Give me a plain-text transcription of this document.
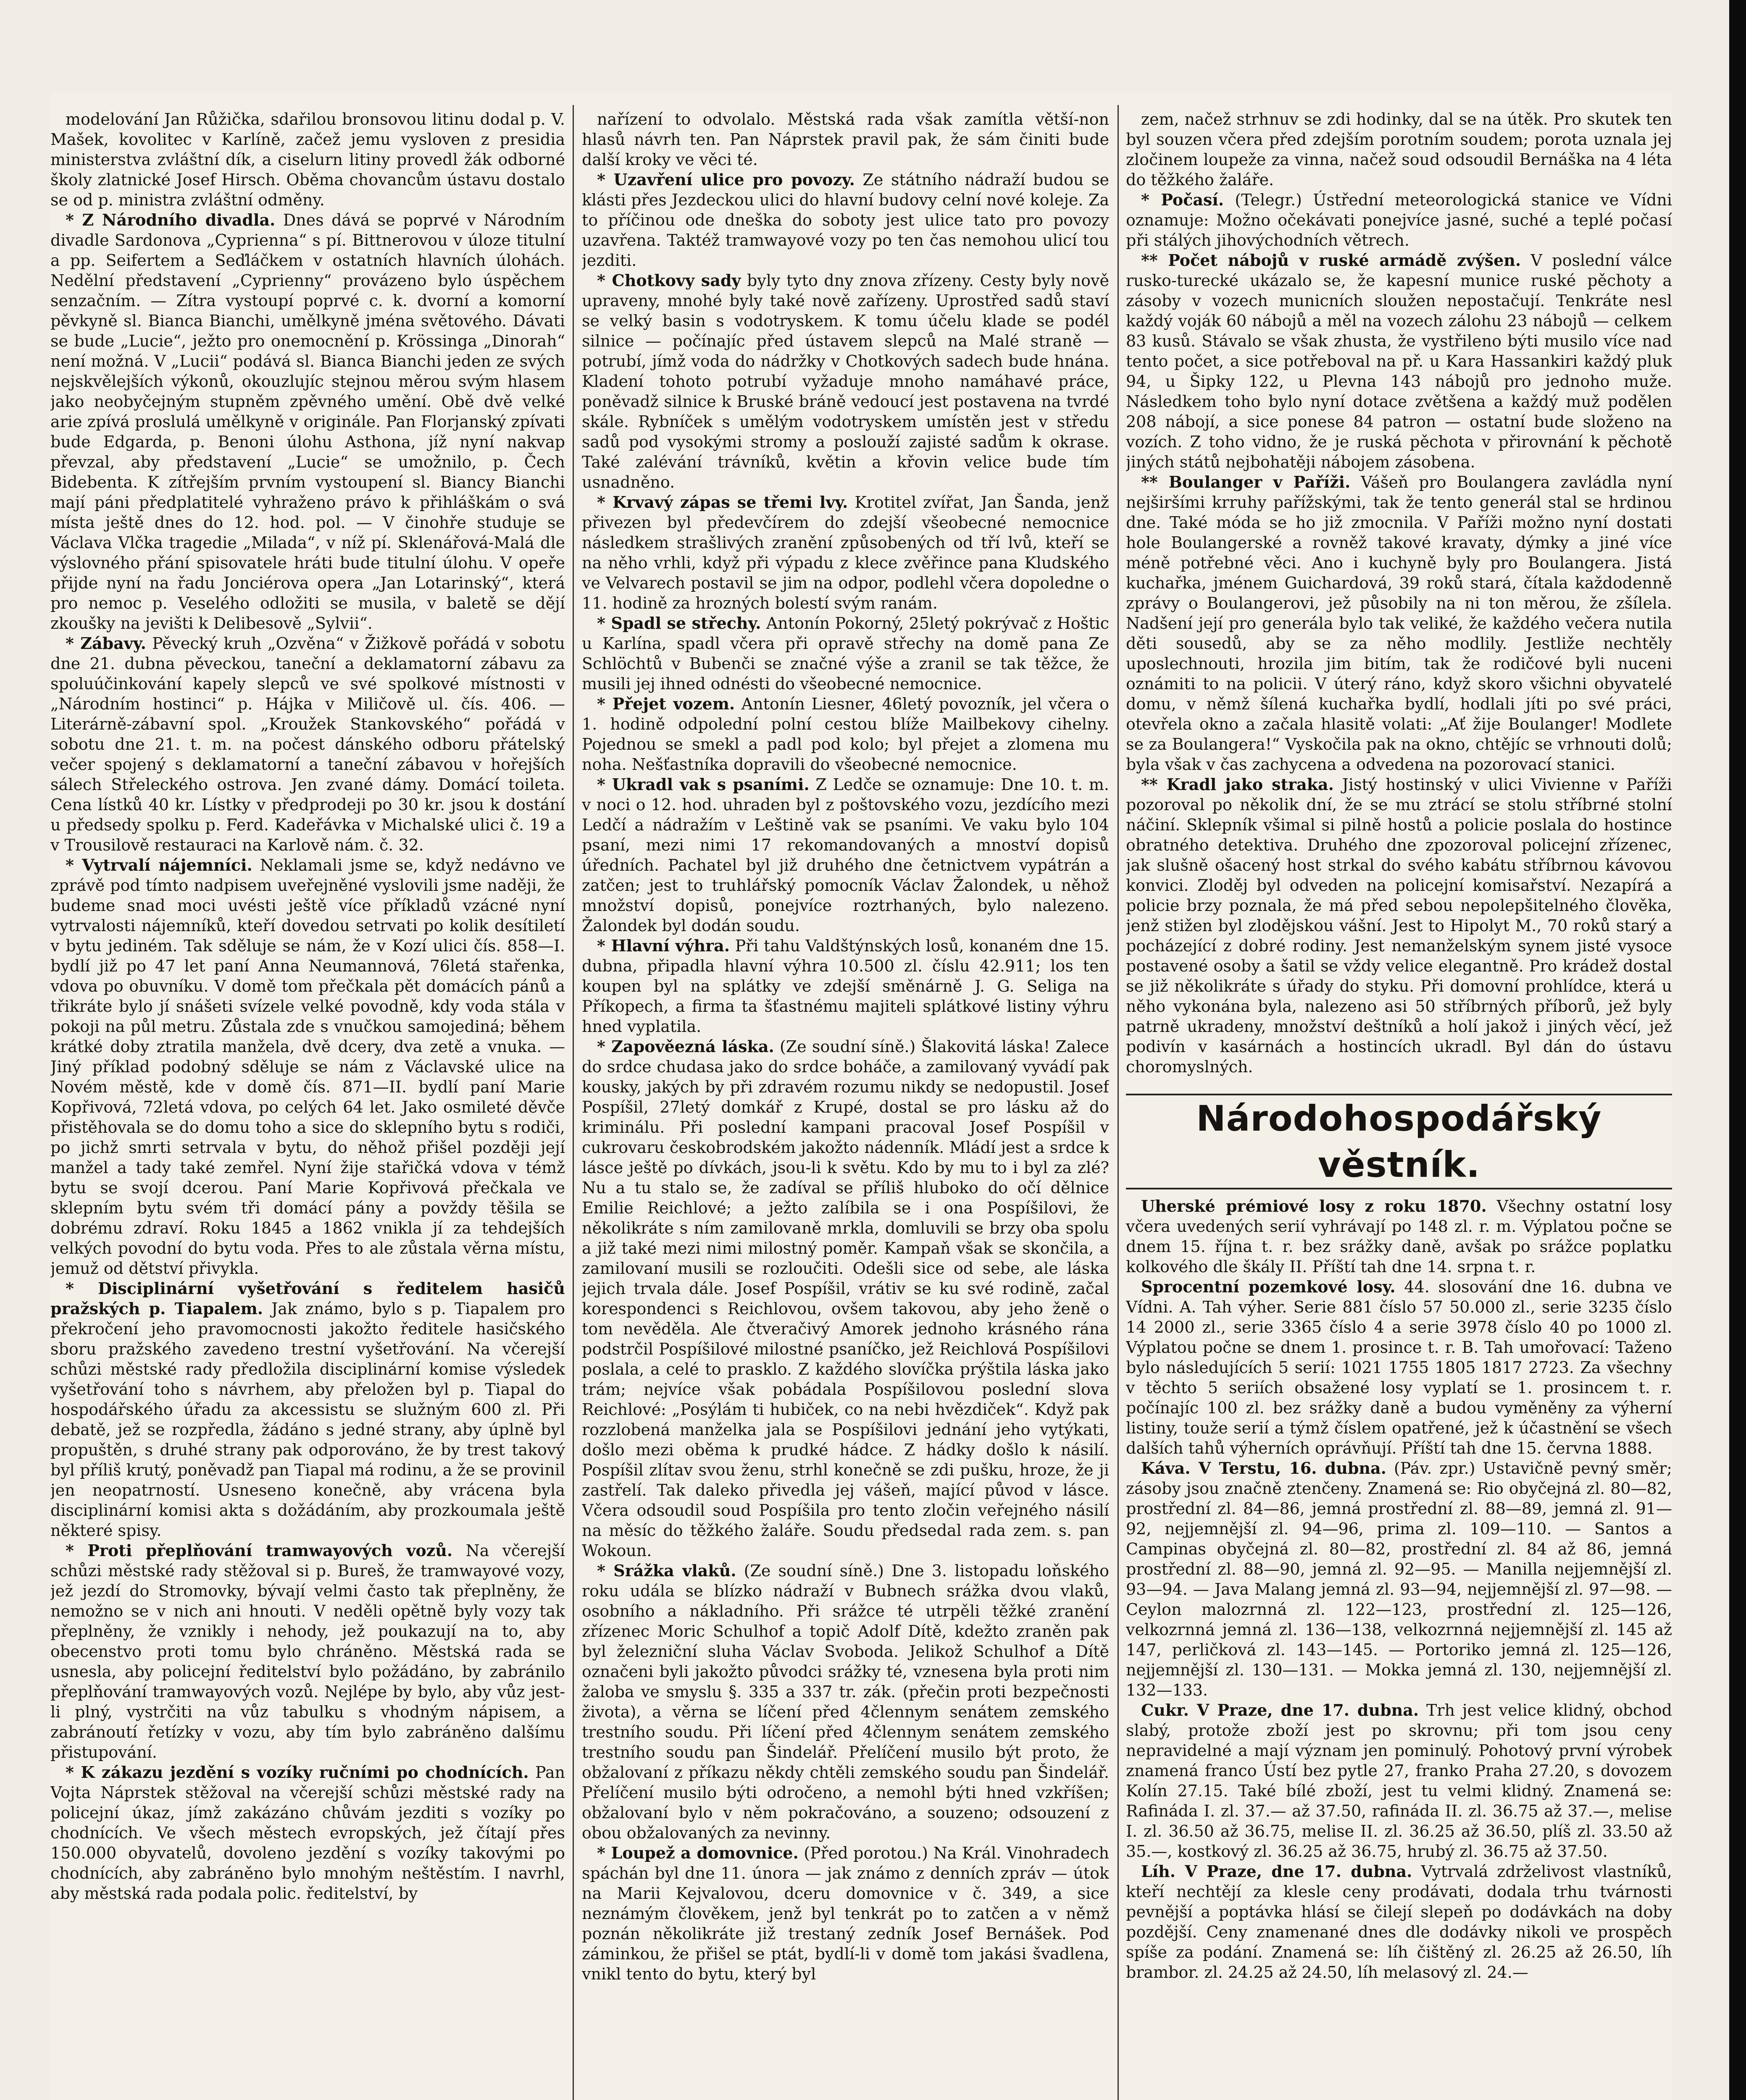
modelování Jan Růžička, sdařilou bronsovou litinu dodal p. V. Mašek, kovolitec v Karlíně, začež jemu vysloven z presidia ministerstva zvláštní dík, a ciselurn litiny provedl žák odborné školy zlatnické Josef Hirsch. Oběma chovancům ústavu dostalo se od p. ministra zvláštní odměny.

* Z Národního divadla. Dnes dává se poprvé v Národním divadle Sardonova „Cyprienna“ s pí. Bittnerovou v úloze titulní a pp. Seifertem a Seďláčkem v ostatních hlavních úlohách. Nedělní představení „Cyprienny“ provázeno bylo úspěchem senzačním. — Zítra vystoupí poprvé c. k. dvorní a komorní pěvkyně sl. Bianca Bianchi, umělkyně jména světového. Dávati se bude „Lucie“, ježto pro onemocnění p. Krössinga „Dinorah“ není možná. V „Lucii“ podává sl. Bianca Bianchi jeden ze svých nejskvělejších výkonů, okouzlujíc stejnou měrou svým hlasem jako neobyčejným stupněm zpěvného umění. Obě dvě velké arie zpívá proslulá umělkyně v originále. Pan Florjanský zpívati bude Edgarda, p. Benoni úlohu Asthona, jíž nyní nakvap převzal, aby představení „Lucie“ se umožnilo, p. Čech Bidebenta. K zítřejším prvním vystoupení sl. Biancy Bianchi mají páni předplatitelé vyhraženo právo k přihláškám o svá místa ještě dnes do 12. hod. pol. — V činohře studuje se Václava Vlčka tragedie „Milada“, v níž pí. Sklenářová-Malá dle výslovného přání spisovatele hráti bude titulní úlohu. V opeře přijde nyní na řadu Jonciérova opera „Jan Lotarinský“, která pro nemoc p. Veselého odložiti se musila, v baletě se dějí zkoušky na jevišti k Delibesově „Sylvii“.

* Zábavy. Pěvecký kruh „Ozvěna“ v Žižkově pořádá v sobotu dne 21. dubna pěveckou, taneční a deklamatorní zábavu za spoluúčinkování kapely slepců ve své spolkové místnosti v „Národním hostinci“ p. Hájka v Miličově ul. čís. 406. — Literárně-zábavní spol. „Kroužek Stankovského“ pořádá v sobotu dne 21. t. m. na počest dánského odboru přátelský večer spojený s deklamatorní a taneční zábavou v hořejších sálech Střeleckého ostrova. Jen zvané dámy. Domácí toileta. Cena lístků 40 kr. Lístky v předprodeji po 30 kr. jsou k dostání u předsedy spolku p. Ferd. Kadeřávka v Michalské ulici č. 19 a v Trousilově restauraci na Karlově nám. č. 32.

* Vytrvalí nájemníci. Neklamali jsme se, když nedávno ve zprávě pod tímto nadpisem uveřejněné vyslovili jsme naději, že budeme snad moci uvésti ještě více příkladů vzácné nyní vytrvalosti nájemníků, kteří dovedou setrvati po kolik desítiletí v bytu jediném. Tak sděluje se nám, že v Kozí ulici čís. 858—I. bydlí již po 47 let paní Anna Neumannová, 76letá stařenka, vdova po obuvníku. V domě tom přečkala pět domácích pánů a třikráte bylo jí snášeti svízele velké povodně, kdy voda stála v pokoji na půl metru. Zůstala zde s vnučkou samojediná; během krátké doby ztratila manžela, dvě dcery, dva zetě a vnuka. — Jiný příklad podobný sděluje se nám z Václavské ulice na Novém městě, kde v domě čís. 871—II. bydlí paní Marie Kopřivová, 72letá vdova, po celých 64 let. Jako osmileté děvče přistěhovala se do domu toho a sice do sklepního bytu s rodiči, po jichž smrti setrvala v bytu, do něhož přišel později její manžel a tady také zemřel. Nyní žije stařičká vdova v témž bytu se svojí dcerou. Paní Marie Kopřivová přečkala ve sklepním bytu svém tři domácí pány a povždy těšila se dobrému zdraví. Roku 1845 a 1862 vnikla jí za tehdejších velkých povodní do bytu voda. Přes to ale zůstala věrna místu, jemuž od dětství přivykla.

* Disciplinární vyšetřování s ředitelem hasičů pražských p. Tiapalem. Jak známo, bylo s p. Tiapalem pro překročení jeho pravomocnosti jakožto ředitele hasičského sboru pražského zavedeno trestní vyšetřování. Na včerejší schůzi městské rady předložila disciplinární komise výsledek vyšetřování toho s návrhem, aby přeložen byl p. Tiapal do hospodářského úřadu za akcessistu se služným 600 zl. Při debatě, jež se rozpředla, žádáno s jedné strany, aby úplně byl propuštěn, s druhé strany pak odporováno, že by trest takový byl příliš krutý, poněvadž pan Tiapal má rodinu, a že se provinil jen neopatrností. Usneseno konečně, aby vrácena byla disciplinární komisi akta s dožádáním, aby prozkoumala ještě některé spisy.

* Proti přeplňování tramwayových vozů. Na včerejší schůzi městské rady stěžoval si p. Bureš, že tramwayové vozy, jež jezdí do Stromovky, bývají velmi často tak přeplněny, že nemožno se v nich ani hnouti. V neděli opětně byly vozy tak přeplněny, že vznikly i nehody, jež poukazují na to, aby obecenstvo proti tomu bylo chráněno. Městská rada se usnesla, aby policejní ředitelství bylo požádáno, by zabránilo přeplňování tramwayových vozů. Nejlépe by bylo, aby vůz jest-li plný, vystrčiti na vůz tabulku s vhodným nápisem, a zabránoutí řetízky v vozu, aby tím bylo zabráněno dalšímu přistupování.

* K zákazu jezdění s vozíky ručními po chodnících. Pan Vojta Náprstek stěžoval na včerejší schůzi městské rady na policejní úkaz, jímž zakázáno chůvám jezditi s vozíky po chodnících. Ve všech městech evropských, jež čítají přes 150.000 obyvatelů, dovoleno jezdění s vozíky takovými po chodnících, aby zabráněno bylo mnohým neštěstím. I navrhl, aby městská rada podala polic. ředitelství, by

nařízení to odvolalo. Městská rada však zamítla větší-non hlasů návrh ten. Pan Náprstek pravil pak, že sám činiti bude další kroky ve věci té.

* Uzavření ulice pro povozy. Ze státního nádraží budou se klásti přes Jezdeckou ulici do hlavní budovy celní nové koleje. Za to příčinou ode dneška do soboty jest ulice tato pro povozy uzavřena. Taktéž tramwayové vozy po ten čas nemohou ulicí tou jezditi.

* Chotkovy sady byly tyto dny znova zřízeny. Cesty byly nově upraveny, mnohé byly také nově zařízeny. Uprostřed sadů staví se velký basin s vodotryskem. K tomu účelu klade se podél silnice — počínajíc před ústavem slepců na Malé straně — potrubí, jímž voda do nádržky v Chotkových sadech bude hnána. Kladení tohoto potrubí vyžaduje mnoho namáhavé práce, poněvadž silnice k Bruské bráně vedoucí jest postavena na tvrdé skále. Rybníček s umělým vodotryskem umístěn jest v středu sadů pod vysokými stromy a poslouží zajisté sadům k okrase. Také zalévání trávníků, květin a křovin velice bude tím usnadněno.

* Krvavý zápas se třemi lvy. Krotitel zvířat, Jan Šanda, jenž přivezen byl předevčírem do zdejší všeobecné nemocnice následkem strašlivých zranění způsobených od tří lvů, kteří se na něho vrhli, když při výpadu z klece zvěřince pana Kludského ve Velvarech postavil se jim na odpor, podlehl včera dopoledne o 11. hodině za hrozných bolestí svým ranám.

* Spadl se střechy. Antonín Pokorný, 25letý pokrývač z Hoštic u Karlína, spadl včera při opravě střechy na domě pana Ze Schlöchtů v Bubenči se značné výše a zranil se tak těžce, že musili jej ihned odnésti do všeobecné nemocnice.

* Přejet vozem. Antonín Liesner, 46letý povozník, jel včera o 1. hodině odpolední polní cestou blíže Mailbekovy cihelny. Pojednou se smekl a padl pod kolo; byl přejet a zlomena mu noha. Nešťastníka dopravili do všeobecné nemocnice.

* Ukradl vak s psaními. Z Ledče se oznamuje: Dne 10. t. m. v noci o 12. hod. uhraden byl z poštovského vozu, jezdícího mezi Ledčí a nádražím v Leštině vak se psaními. Ve vaku bylo 104 psaní, mezi nimi 17 rekomandovaných a mnoství dopisů úředních. Pachatel byl již druhého dne četnictvem vypátrán a zatčen; jest to truhlářský pomocník Václav Žalondek, u něhož množství dopisů, ponejvíce roztrhaných, bylo nalezeno. Žalondek byl dodán soudu.

* Hlavní výhra. Při tahu Valdštýnských losů, konaném dne 15. dubna, připadla hlavní výhra 10.500 zl. číslu 42.911; los ten koupen byl na splátky ve zdejší směnárně J. G. Seliga na Příkopech, a firma ta šťastnému majiteli splátkové listiny výhru hned vyplatila.

* Zapověezná láska. (Ze soudní síně.) Šlakovitá láska! Zalece do srdce chudasa jako do srdce boháče, a zamilovaný vyvádí pak kousky, jakých by při zdravém rozumu nikdy se nedopustil. Josef Pospíšil, 27letý domkář z Krupé, dostal se pro lásku až do kriminálu. Při poslední kampani pracoval Josef Pospíšil v cukrovaru českobrodském jakožto nádenník. Mládí jest a srdce k lásce ještě po dívkách, jsou-li k světu. Kdo by mu to i byl za zlé? Nu a tu stalo se, že zadíval se příliš hluboko do očí dělnice Emilie Reichlové; a ježto zalíbila se i ona Pospíšilovi, že několikráte s ním zamilovaně mrkla, domluvili se brzy oba spolu a již také mezi nimi milostný poměr. Kampaň však se skončila, a zamilovaní musili se rozloučiti. Odešli sice od sebe, ale láska jejich trvala dále. Josef Pospíšil, vrátiv se ku své rodině, začal korespondenci s Reichlovou, ovšem takovou, aby jeho ženě o tom nevěděla. Ale čtveračivý Amorek jednoho krásného rána podstrčil Pospíšilové milostné psaníčko, jež Reichlová Pospíšilovi poslala, a celé to prasklo. Z každého slovíčka prýštila láska jako trám; nejvíce však pobádala Pospíšilovou poslední slova Reichlové: „Posýlám ti hubiček, co na nebi hvězdiček“. Když pak rozzlobená manželka jala se Pospíšilovi jednání jeho vytýkati, došlo mezi oběma k prudké hádce. Z hádky došlo k násilí. Pospíšil zlítav svou ženu, strhl konečně se zdi pušku, hroze, že ji zastřelí. Tak daleko přivedla jej vášeň, mající původ v lásce. Včera odsoudil soud Pospíšila pro tento zločin veřejného násilí na měsíc do těžkého žaláře. Soudu předsedal rada zem. s. pan Wokoun.

* Srážka vlaků. (Ze soudní síně.) Dne 3. listopadu loňského roku udála se blízko nádraží v Bubnech srážka dvou vlaků, osobního a nákladního. Při srážce té utrpěli těžké zranění zřízenec Moric Schulhof a topič Adolf Dítě, kdežto zraněn pak byl železniční sluha Václav Svoboda. Jelikož Schulhof a Dítě označeni byli jakožto původci srážky té, vznesena byla proti nim žaloba ve smyslu §. 335 a 337 tr. zák. (přečin proti bezpečnosti života), a věrna se líčení před 4člennym senátem zemského trestního soudu. Při líčení před 4člennym senátem zemského trestního soudu pan Šindelář. Přelíčení musilo být proto, že obžalovaní z příkazu někdy chtěli zemského soudu pan Šindelář. Přelíčení musilo býti odročeno, a nemohl býti hned vzkříšen; obžalovaní bylo v něm pokračováno, a souzeno; odsouzení z obou obžalovaných za nevinny.

* Loupež a domovnice. (Před porotou.) Na Král. Vinohradech spáchán byl dne 11. února — jak známo z denních zpráv — útok na Marii Kejvalovou, dceru domovnice v č. 349, a sice neznámým člověkem, jenž byl tenkrát po to zatčen a v němž poznán několikráte již trestaný zedník Josef Bernášek. Pod záminkou, že přišel se ptát, bydlí-li v domě tom jakási švadlena, vnikl tento do bytu, který byl

zem, načež strhnuv se zdi hodinky, dal se na útěk. Pro skutek ten byl souzen včera před zdejším porotním soudem; porota uznala jej zločinem loupeže za vinna, načež soud odsoudil Bernáška na 4 léta do těžkého žaláře.

* Počasí. (Telegr.) Ústřední meteorologická stanice ve Vídni oznamuje: Možno očekávati ponejvíce jasné, suché a teplé počasí při stálých jihovýchodních větrech.

** Počet nábojů v ruské armádě zvýšen. V poslední válce rusko-turecké ukázalo se, že kapesní munice ruské pěchoty a zásoby v vozech municních sloužen nepostačují. Tenkráte nesl každý voják 60 nábojů a měl na vozech zálohu 23 nábojů — celkem 83 kusů. Stávalo se však zhusta, že vystřileno býti musilo více nad tento počet, a sice potřeboval na př. u Kara Hassankiri každý pluk 94, u Šipky 122, u Plevna 143 nábojů pro jednoho muže. Následkem toho bylo nyní dotace zvětšena a každý muž podělen 208 nábojí, a sice ponese 84 patron — ostatní bude složeno na vozích. Z toho vidno, že je ruská pěchota v přirovnání k pěchotě jiných států nejbohatěji nábojem zásobena.

** Boulanger v Paříži. Vášeň pro Boulangera zavládla nyní nejširšími krruhy pařížskými, tak že tento generál stal se hrdinou dne. Také móda se ho již zmocnila. V Paříži možno nyní dostati hole Boulangerské a rovněž takové kravaty, dýmky a jiné více méně potřebné věci. Ano i kuchyně byly pro Boulangera. Jistá kuchařka, jménem Guichardová, 39 roků stará, čítala každodenně zprávy o Boulangerovi, jež působily na ni ton měrou, že zšílela. Nadšení její pro generála bylo tak veliké, že každého večera nutila děti sousedů, aby se za něho modlily. Jestliže nechtěly uposlechnouti, hrozila jim bitím, tak že rodičové byli nuceni oznámiti to na policii. V úterý ráno, když skoro všichni obyvatelé domu, v němž šílená kuchařka bydlí, hodlali jíti po své práci, otevřela okno a začala hlasitě volati: „Ať žije Boulanger! Modlete se za Boulangera!“ Vyskočila pak na okno, chtějíc se vrhnouti dolů; byla však v čas zachycena a odvedena na pozorovací stanici.

** Kradl jako straka. Jistý hostinský v ulici Vivienne v Paříži pozoroval po několik dní, že se mu ztrácí se stolu stříbrné stolní náčiní. Sklepník všimal si pilně hostů a policie poslala do hostince obratného detektiva. Druhého dne zpozoroval policejní zřízenec, jak slušně ošacený host strkal do svého kabátu stříbrnou kávovou konvici. Zloděj byl odveden na policejní komisařství. Nezapírá a policie brzy poznala, že má před sebou nepolepšitelného člověka, jenž stižen byl zlodějskou vášní. Jest to Hipolyt M., 70 roků starý a pocházející z dobré rodiny. Jest nemanželským synem jisté vysoce postavené osoby a šatil se vždy velice elegantně. Pro krádež dostal se již několikráte s úřady do styku. Při domovní prohlídce, která u něho vykonána byla, nalezeno asi 50 stříbrných příborů, jež byly patrně ukradeny, množství deštníků a holí jakož i jiných věcí, jež podivín v kasárnách a hostincích ukradl. Byl dán do ústavu choromyslných.

Národohospodářský věstník.

Uherské prémiové losy z roku 1870. Všechny ostatní losy včera uvedených serií vyhrávají po 148 zl. r. m. Výplatou počne se dnem 15. října t. r. bez srážky daně, avšak po srážce poplatku kolkového dle škály II. Příští tah dne 14. srpna t. r.

Sprocentní pozemkové losy. 44. slosování dne 16. dubna ve Vídni. A. Tah výher. Serie 881 číslo 57 50.000 zl., serie 3235 číslo 14 2000 zl., serie 3365 číslo 4 a serie 3978 číslo 40 po 1000 zl. Výplatou počne se dnem 1. prosince t. r. B. Tah umořovací: Taženo bylo následujících 5 serií: 1021 1755 1805 1817 2723. Za všechny v těchto 5 seriích obsažené losy vyplatí se 1. prosincem t. r. počínajíc 100 zl. bez srážky daně a budou vyměněny za výherní listiny, touže serií a týmž číslem opatřené, jež k účastnění se všech dalších tahů výherních oprávňují. Příští tah dne 15. června 1888.

Káva. V Terstu, 16. dubna. (Páv. zpr.) Ustavičně pevný směr; zásoby jsou značně ztenčeny. Znamená se: Rio obyčejná zl. 80—82, prostřední zl. 84—86, jemná prostřední zl. 88—89, jemná zl. 91—92, nejjemnější zl. 94—96, prima zl. 109—110. — Santos a Campinas obyčejná zl. 80—82, prostřední zl. 84 až 86, jemná prostřední zl. 88—90, jemná zl. 92—95. — Manilla nejjemnější zl. 93—94. — Java Malang jemná zl. 93—94, nejjemnější zl. 97—98. — Ceylon malozrnná zl. 122—123, prostřední zl. 125—126, velkozrnná jemná zl. 136—138, velkozrnná nejjemnější zl. 145 až 147, perličková zl. 143—145. — Portoriko jemná zl. 125—126, nejjemnější zl. 130—131. — Mokka jemná zl. 130, nejjemnější zl. 132—133.

Cukr. V Praze, dne 17. dubna. Trh jest velice klidný, obchod slabý, protože zboží jest po skrovnu; při tom jsou ceny nepravidelné a mají význam jen pominulý. Pohotový první výrobek znamená franco Ústí bez pytle 27, franko Praha 27.20, s dovozem Kolín 27.15. Také bílé zboží, jest tu velmi klidný. Znamená se: Rafináda I. zl. 37.— až 37.50, rafináda II. zl. 36.75 až 37.—, melise I. zl. 36.50 až 36.75, melise II. zl. 36.25 až 36.50, plíš zl. 33.50 až 35.—, kostkový zl. 36.25 až 36.75, hrubý zl. 36.75 až 37.50.

Líh. V Praze, dne 17. dubna. Vytrvalá zdrželivost vlastníků, kteří nechtějí za klesle ceny prodávati, dodala trhu tvárnosti pevnější a poptávka hlásí se čilejí slepeň po dodávkách na doby pozdější. Ceny znamenané dnes dle dodávky nikoli ve prospěch spíše za podání. Znamená se: líh čištěný zl. 26.25 až 26.50, líh brambor. zl. 24.25 až 24.50, líh melasový zl. 24.—
